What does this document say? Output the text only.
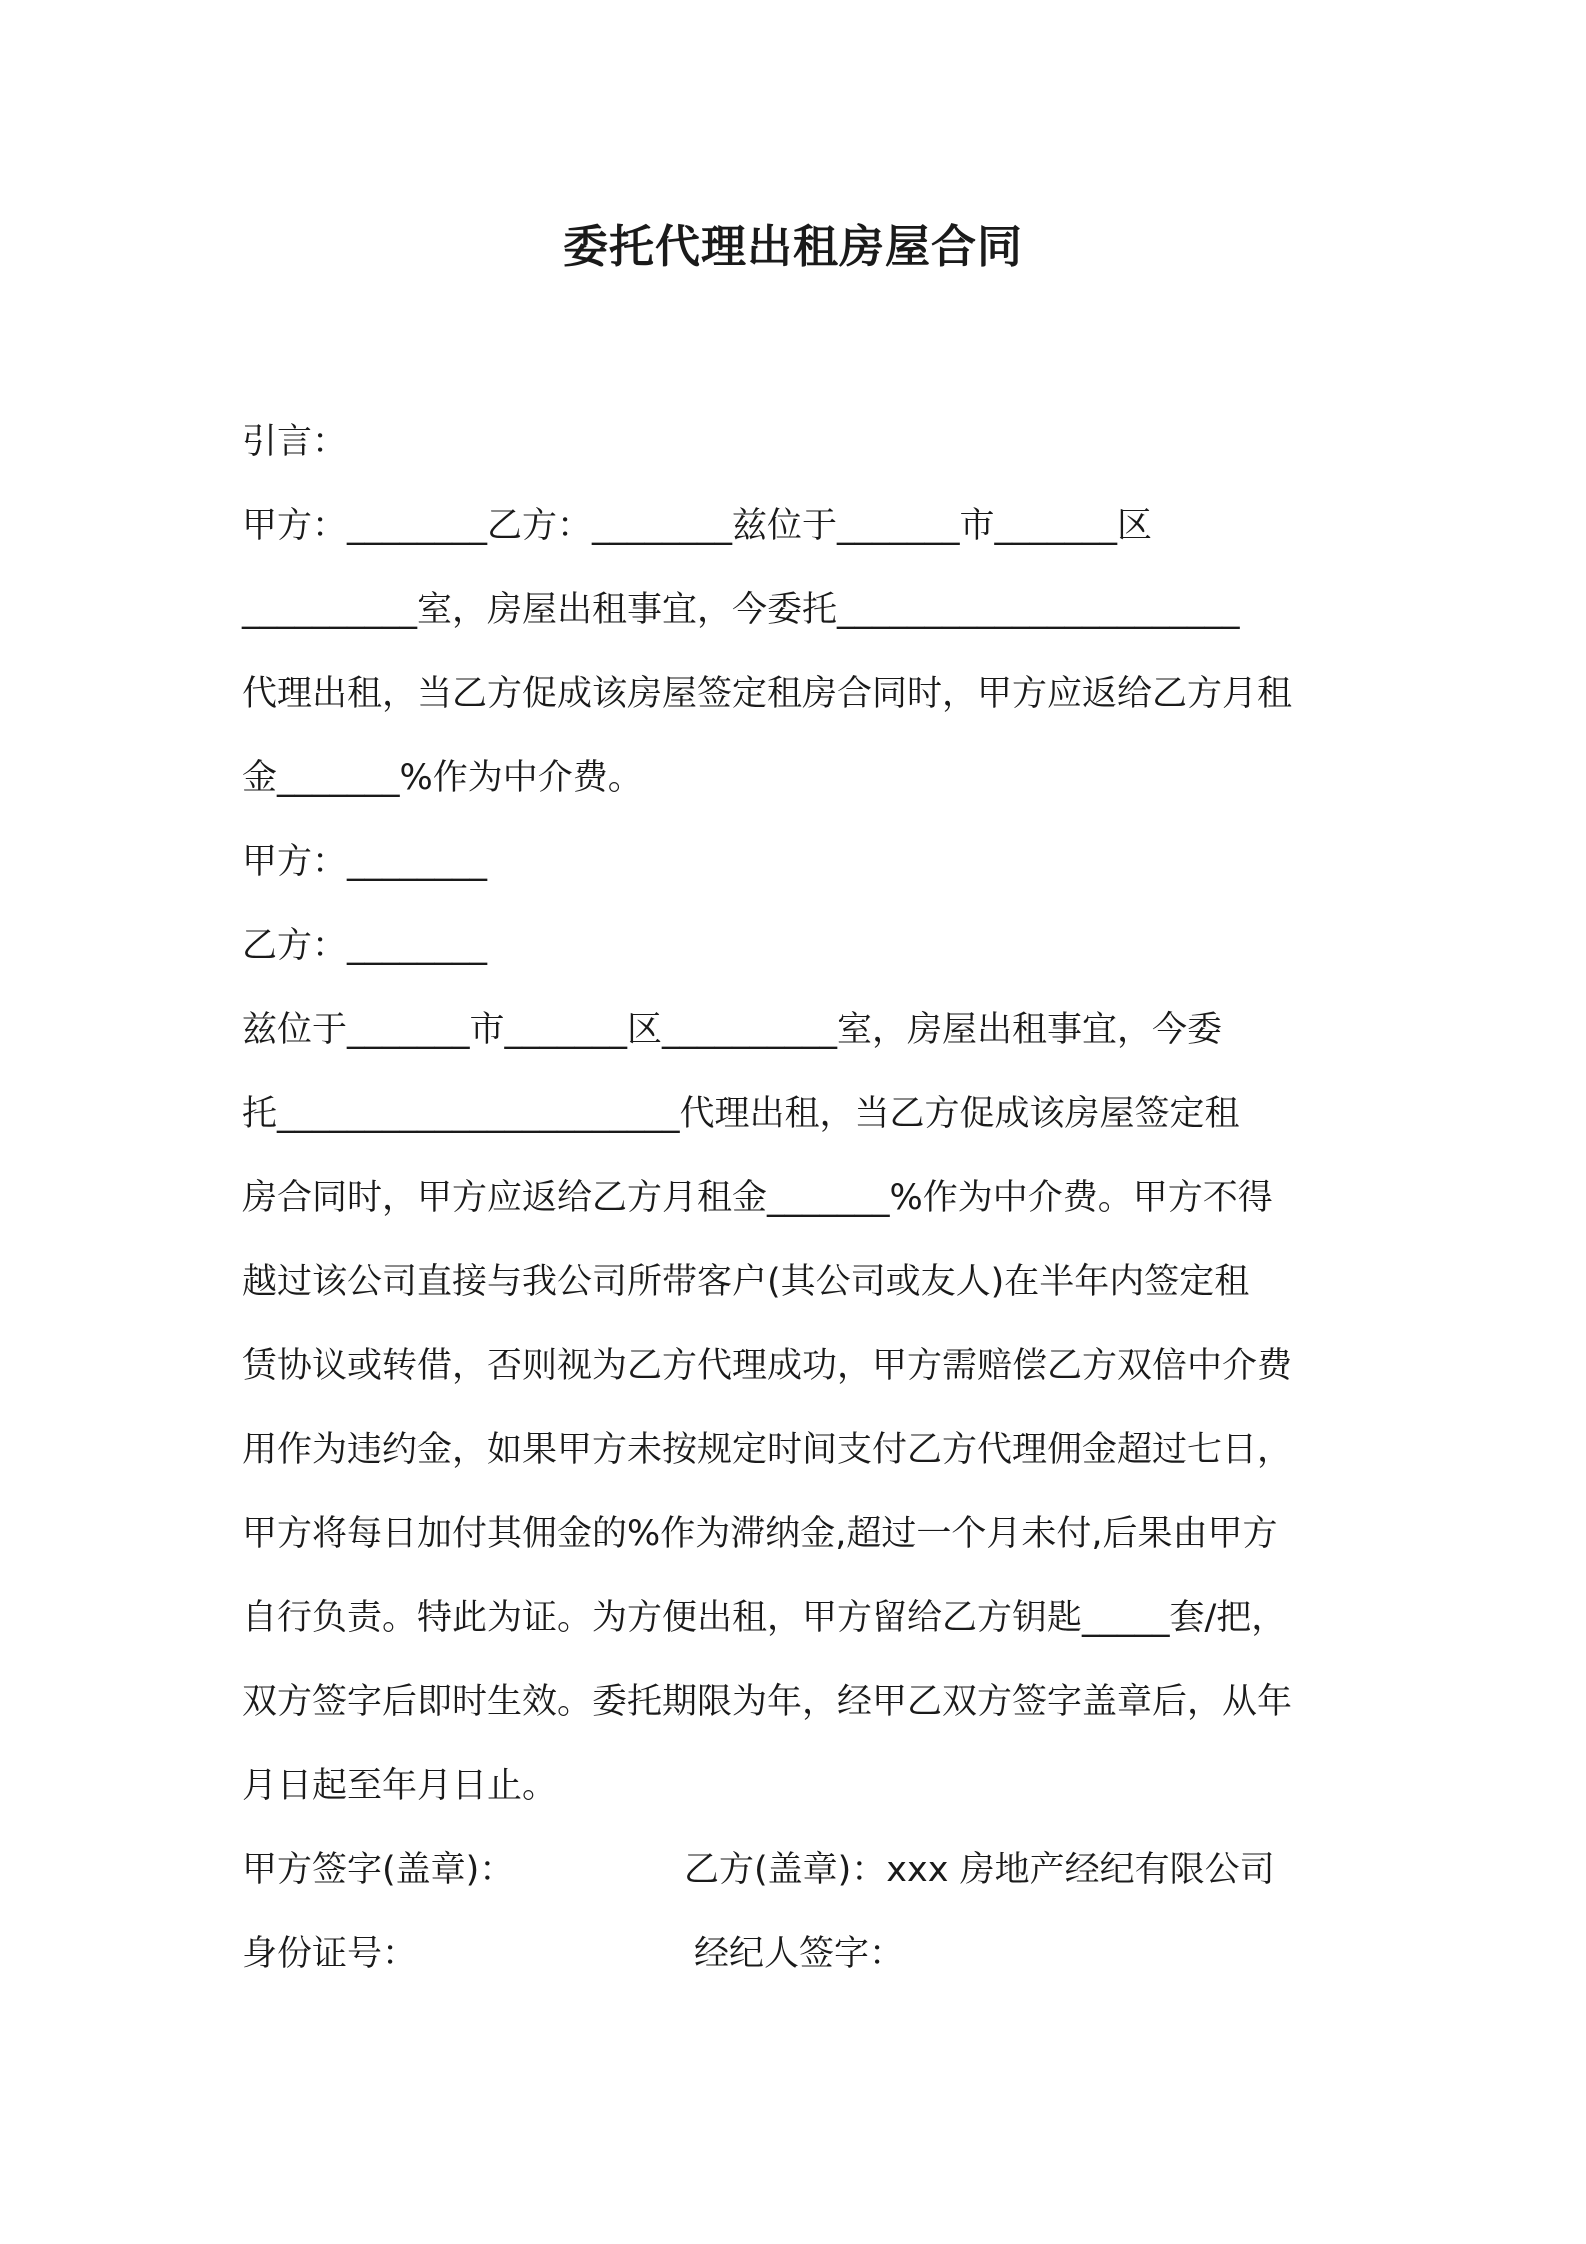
委托代理出租房屋合同
引言：
甲方：________乙方：________兹位于_______市_______区
__________室，房屋出租事宜，今委托_______________________
代理出租，当乙方促成该房屋签定租房合同时，甲方应返给乙方月租
金_______%作为中介费。
甲方：________
乙方：________
兹位于_______市_______区__________室，房屋出租事宜，今委
托_______________________代理出租，当乙方促成该房屋签定租
房合同时，甲方应返给乙方月租金_______%作为中介费。甲方不得
越过该公司直接与我公司所带客户(其公司或友人)在半年内签定租
赁协议或转借，否则视为乙方代理成功，甲方需赔偿乙方双倍中介费
用作为违约金，如果甲方未按规定时间支付乙方代理佣金超过七日，
甲方将每日加付其佣金的%作为滞纳金,超过一个月未付,后果由甲方
自行负责。特此为证。为方便出租，甲方留给乙方钥匙_____套/把，
双方签字后即时生效。委托期限为年，经甲乙双方签字盖章后，从年
月日起至年月日止。
甲方签字(盖章)：	乙方(盖章)：xxx 房地产经纪有限公司
身份证号：	经纪人签字：
